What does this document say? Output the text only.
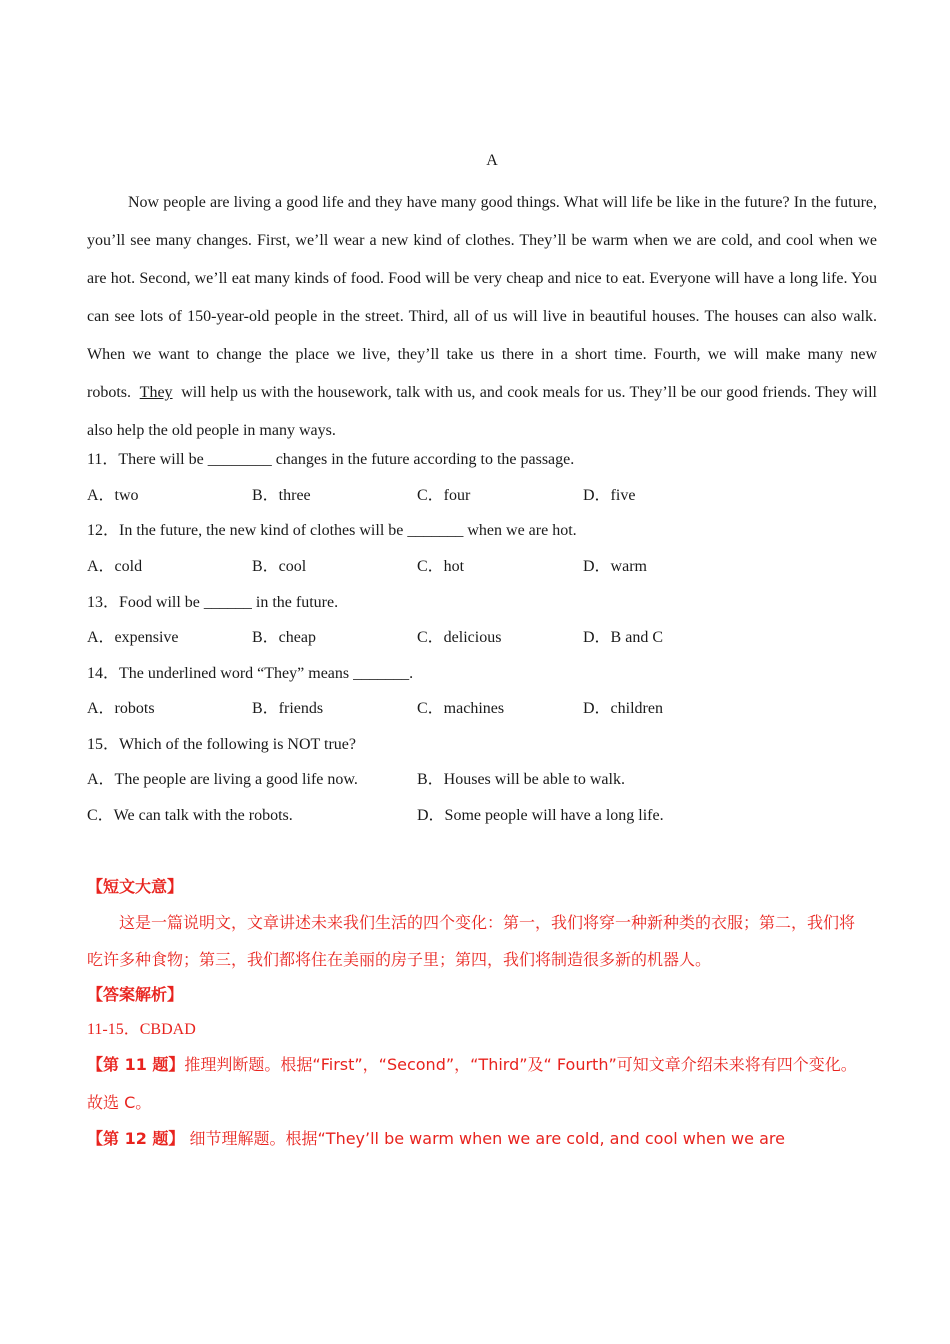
A

Now people are living a good life and they have many good things. What will life be like in the future? In the future, you’ll see many changes. First, we’ll wear a new kind of clothes. They’ll be warm when we are cold, and cool when we are hot. Second, we’ll eat many kinds of food. Food will be very cheap and nice to eat. Everyone will have a long life. You can see lots of 150-year-old people in the street. Third, all of us will live in beautiful houses. The houses can also walk. When we want to change the place we live, they’ll take us there in a short time. Fourth, we will make many new robots. They will help us with the housework, talk with us, and cook meals for us. They’ll be our good friends. They will also help the old people in many ways.

11．There will be ________ changes in the future according to the passage.
A．two	B．three	C．four	D．five
12．In the future, the new kind of clothes will be _______ when we are hot.
A．cold	B．cool	C．hot	D．warm
13．Food will be ______ in the future.
A．expensive	B．cheap	C．delicious	D．B and C
14．The underlined word “They” means _______.
A．robots	B．friends	C．machines	D．children
15．Which of the following is NOT true?
A．The people are living a good life now.	B．Houses will be able to walk.
C．We can talk with the robots.	D．Some people will have a long life.
【短文大意】

这是一篇说明文，文章讲述未来我们生活的四个变化：第一，我们将穿一种新种类的衣服；第二，我们将吃许多种食物；第三，我们都将住在美丽的房子里；第四，我们将制造很多新的机器人。

【答案解析】
11-15．CBDAD
【第 11 题】推理判断题。根据“First”，“Second”，“Third”及“ Fourth”可知文章介绍未来将有四个变化。
故选 C。
【第 12 题】 细节理解题。根据“They’ll be warm when we are cold, and cool when we are
